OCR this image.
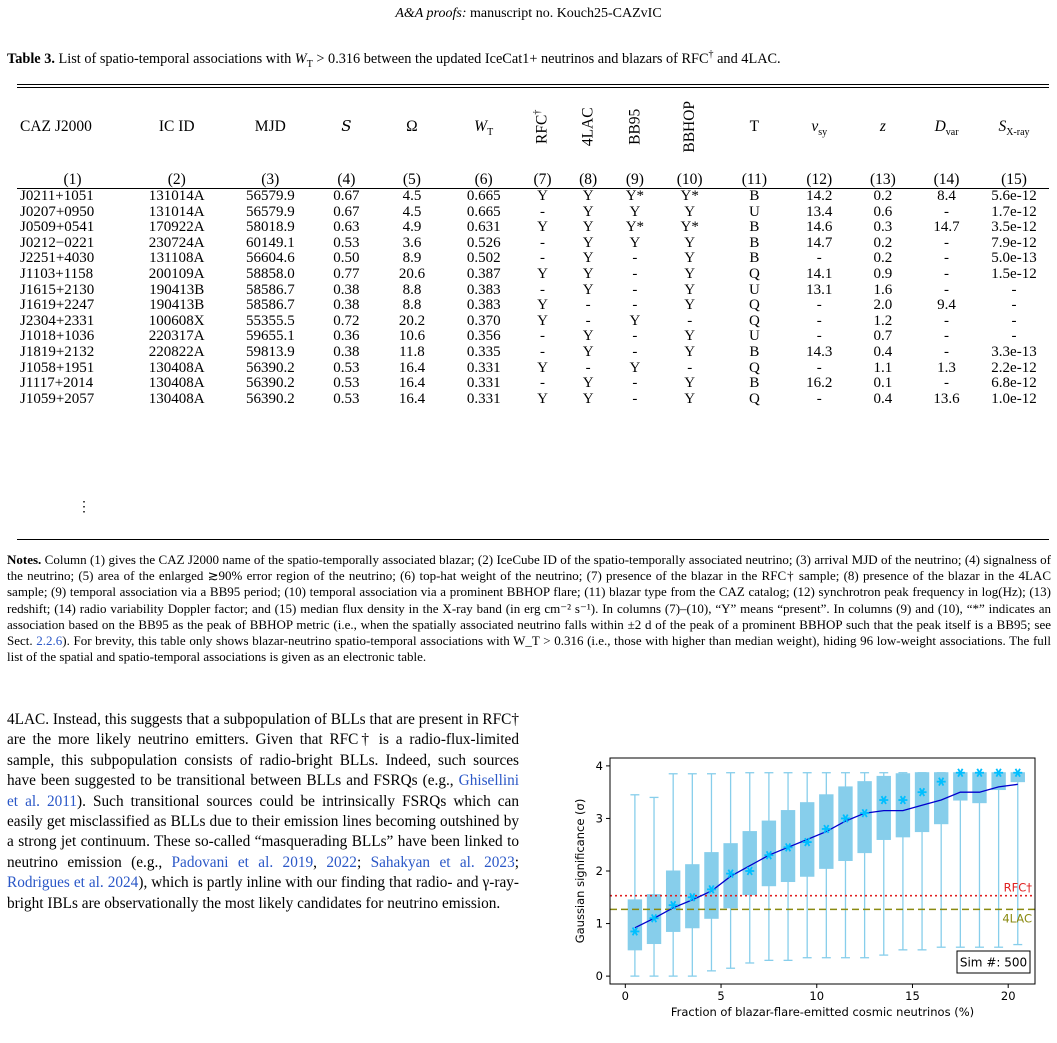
A&A proofs: manuscript no. Kouch25-CAZvIC
Table 3. List of spatio-temporal associations with $W_T > 0.316$ between the updated IceCat1+ neutrinos and blazars of RFC† and 4LAC.
CAZ J2000	IC ID	MJD	S	Ω	$W_T$	RFC†	4LAC	BB95	BBHOP	T	$\nu_{sy}$	z	$D_{var}$	$S_{X-ray}$
(1)	(2)	(3)	(4)	(5)	(6)	(7)	(8)	(9)	(10)	(11)	(12)	(13)	(14)	(15)
J0211+1051	131014A	56579.9	0.67	4.5	0.665	Y	Y	Y*	Y*	B	14.2	0.2	8.4	5.6e-12
J0207+0950	131014A	56579.9	0.67	4.5	0.665	-	Y	Y	Y	U	13.4	0.6	-	1.7e-12
J0509+0541	170922A	58018.9	0.63	4.9	0.631	Y	Y	Y*	Y*	B	14.6	0.3	14.7	3.5e-12
J0212−0221	230724A	60149.1	0.53	3.6	0.526	-	Y	Y	Y	B	14.7	0.2	-	7.9e-12
J2251+4030	131108A	56604.6	0.50	8.9	0.502	-	Y	-	Y	B	-	0.2	-	5.0e-13
J1103+1158	200109A	58858.0	0.77	20.6	0.387	Y	Y	-	Y	Q	14.1	0.9	-	1.5e-12
J1615+2130	190413B	58586.7	0.38	8.8	0.383	-	Y	-	Y	U	13.1	1.6	-	-
J1619+2247	190413B	58586.7	0.38	8.8	0.383	Y	-	-	Y	Q	-	2.0	9.4	-
J2304+2331	100608X	55355.5	0.72	20.2	0.370	Y	-	Y	-	Q	-	1.2	-	-
J1018+1036	220317A	59655.1	0.36	10.6	0.356	-	Y	-	Y	U	-	0.7	-	-
J1819+2132	220822A	59813.9	0.38	11.8	0.335	-	Y	-	Y	B	14.3	0.4	-	3.3e-13
J1058+1951	130408A	56390.2	0.53	16.4	0.331	Y	-	Y	-	Q	-	1.1	1.3	2.2e-12
J1117+2014	130408A	56390.2	0.53	16.4	0.331	-	Y	-	Y	B	16.2	0.1	-	6.8e-12
J1059+2057	130408A	56390.2	0.53	16.4	0.331	Y	Y	-	Y	Q	-	0.4	13.6	1.0e-12
⋮
Notes. Column (1) gives the CAZ J2000 name of the spatio-temporally associated blazar; (2) IceCube ID of the spatio-temporally associated neutrino; (3) arrival MJD of the neutrino; (4) signalness of the neutrino; (5) area of the enlarged ≳90% error region of the neutrino; (6) top-hat weight of the neutrino; (7) presence of the blazar in the RFC† sample; (8) presence of the blazar in the 4LAC sample; (9) temporal association via a BB95 period; (10) temporal association via a prominent BBHOP flare; (11) blazar type from the CAZ catalog; (12) synchrotron peak frequency in log(Hz); (13) redshift; (14) radio variability Doppler factor; and (15) median flux density in the X-ray band (in erg cm⁻² s⁻¹). In columns (7)–(10), “Y” means “present”. In columns (9) and (10), “*” indicates an association based on the BB95 as the peak of BBHOP metric (i.e., when the spatially associated neutrino falls within ±2 d of the peak of a prominent BBHOP such that the peak itself is a BB95; see Sect. 2.2.6). For brevity, this table only shows blazar-neutrino spatio-temporal associations with W_T > 0.316 (i.e., those with higher than median weight), hiding 96 low-weight associations. The full list of the spatial and spatio-temporal associations is given as an electronic table.
4LAC. Instead, this suggests that a subpopulation of BLLs that are present in RFC† are the more likely neutrino emitters. Given that RFC† is a radio-flux-limited sample, this subpopulation consists of radio-bright BLLs. Indeed, such sources have been suggested to be transitional between BLLs and FSRQs (e.g., Ghisellini et al. 2011). Such transitional sources could be intrinsically FSRQs which can easily get misclassified as BLLs due to their emission lines becoming outshined by a strong jet continuum. These so-called “masquerading BLLs” have been linked to neutrino emission (e.g., Padovani et al. 2019, 2022; Sahakyan et al. 2023; Rodrigues et al. 2024), which is partly inline with our finding that radio- and γ-ray-bright IBLs are observationally the most likely candidates for neutrino emission.
RFC†
4LAC
0	5	10	15	20
0
1
2
3
4
Fraction of blazar-flare-emitted cosmic neutrinos (%)
Gaussian significance (σ)
Sim #: 500
